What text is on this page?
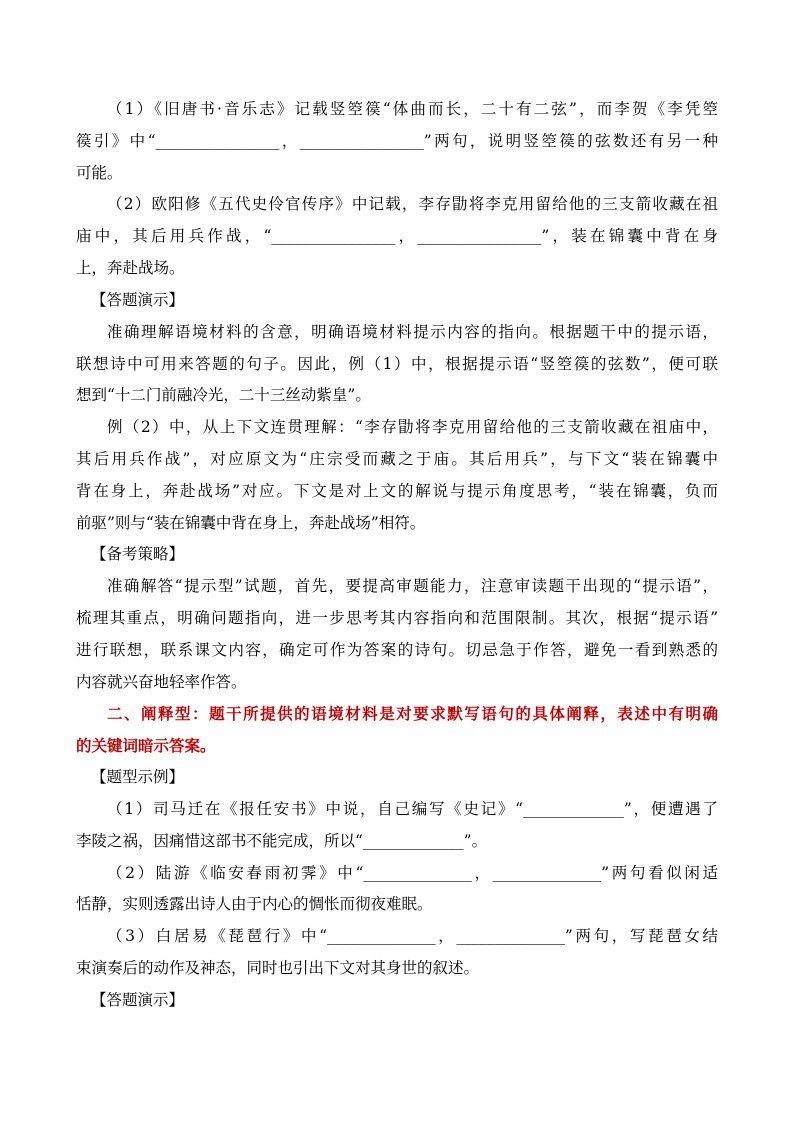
（1）《旧唐书·音乐志》记载竖箜篌“体曲而长，二十有二弦”，而李贺《李凭箜
篌引》中“________________，________________”两句，说明竖箜篌的弦数还有另一种
可能。
（2）欧阳修《五代史伶官传序》中记载，李存勖将李克用留给他的三支箭收藏在祖
庙中，其后用兵作战，“________________，________________”，装在锦囊中背在身
上，奔赴战场。
【答题演示】
准确理解语境材料的含意，明确语境材料提示内容的指向。根据题干中的提示语，
联想诗中可用来答题的句子。因此，例（1）中，根据提示语“竖箜篌的弦数”，便可联
想到“十二门前融冷光，二十三丝动紫皇”。
例（2）中，从上下文连贯理解：“李存勖将李克用留给他的三支箭收藏在祖庙中，
其后用兵作战”，对应原文为“庄宗受而藏之于庙。其后用兵”，与下文“装在锦囊中
背在身上，奔赴战场”对应。下文是对上文的解说与提示角度思考，“装在锦囊，负而
前驱”则与“装在锦囊中背在身上，奔赴战场”相符。
【备考策略】
准确解答“提示型”试题，首先，要提高审题能力，注意审读题干出现的“提示语”，
梳理其重点，明确问题指向，进一步思考其内容指向和范围限制。其次，根据“提示语”
进行联想，联系课文内容，确定可作为答案的诗句。切忌急于作答，避免一看到熟悉的
内容就兴奋地轻率作答。
二、阐释型：题干所提供的语境材料是对要求默写语句的具体阐释，表述中有明确
的关键词暗示答案。
【题型示例】
（1）司马迁在《报任安书》中说，自己编写《史记》“_____________”，便遭遇了
李陵之祸，因痛惜这部书不能完成，所以“_____________”。
（2）陆游《临安春雨初霁》中“______________，______________”两句看似闲适
恬静，实则透露出诗人由于内心的惆怅而彻夜难眠。
（3）白居易《琵琶行》中“______________，______________”两句，写琵琶女结
束演奏后的动作及神态，同时也引出下文对其身世的叙述。
【答题演示】
